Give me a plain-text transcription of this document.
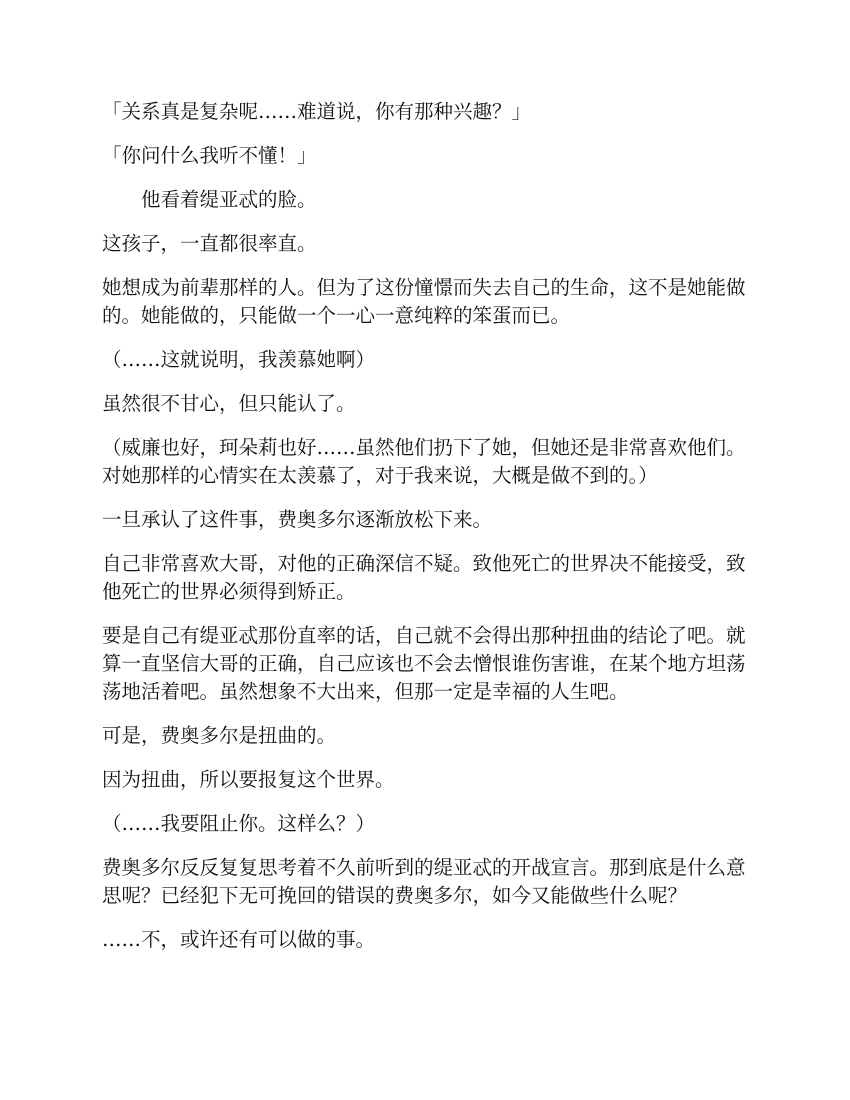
「关系真是复杂呢……难道说，你有那种兴趣？」

「你问什么我听不懂！」

他看着缇亚忒的脸。

这孩子，一直都很率直。

她想成为前辈那样的人。但为了这份憧憬而失去自己的生命，这不是她能做的。她能做的，只能做一个一心一意纯粹的笨蛋而已。

（……这就说明，我羡慕她啊）

虽然很不甘心，但只能认了。

（威廉也好，珂朵莉也好……虽然他们扔下了她，但她还是非常喜欢他们。对她那样的心情实在太羡慕了，对于我来说，大概是做不到的。）

一旦承认了这件事，费奥多尔逐渐放松下来。

自己非常喜欢大哥，对他的正确深信不疑。致他死亡的世界决不能接受，致他死亡的世界必须得到矫正。

要是自己有缇亚忒那份直率的话，自己就不会得出那种扭曲的结论了吧。就算一直坚信大哥的正确，自己应该也不会去憎恨谁伤害谁，在某个地方坦荡荡地活着吧。虽然想象不大出来，但那一定是幸福的人生吧。

可是，费奥多尔是扭曲的。

因为扭曲，所以要报复这个世界。

（……我要阻止你。这样么？）

费奥多尔反反复复思考着不久前听到的缇亚忒的开战宣言。那到底是什么意思呢？已经犯下无可挽回的错误的费奥多尔，如今又能做些什么呢？

……不，或许还有可以做的事。
